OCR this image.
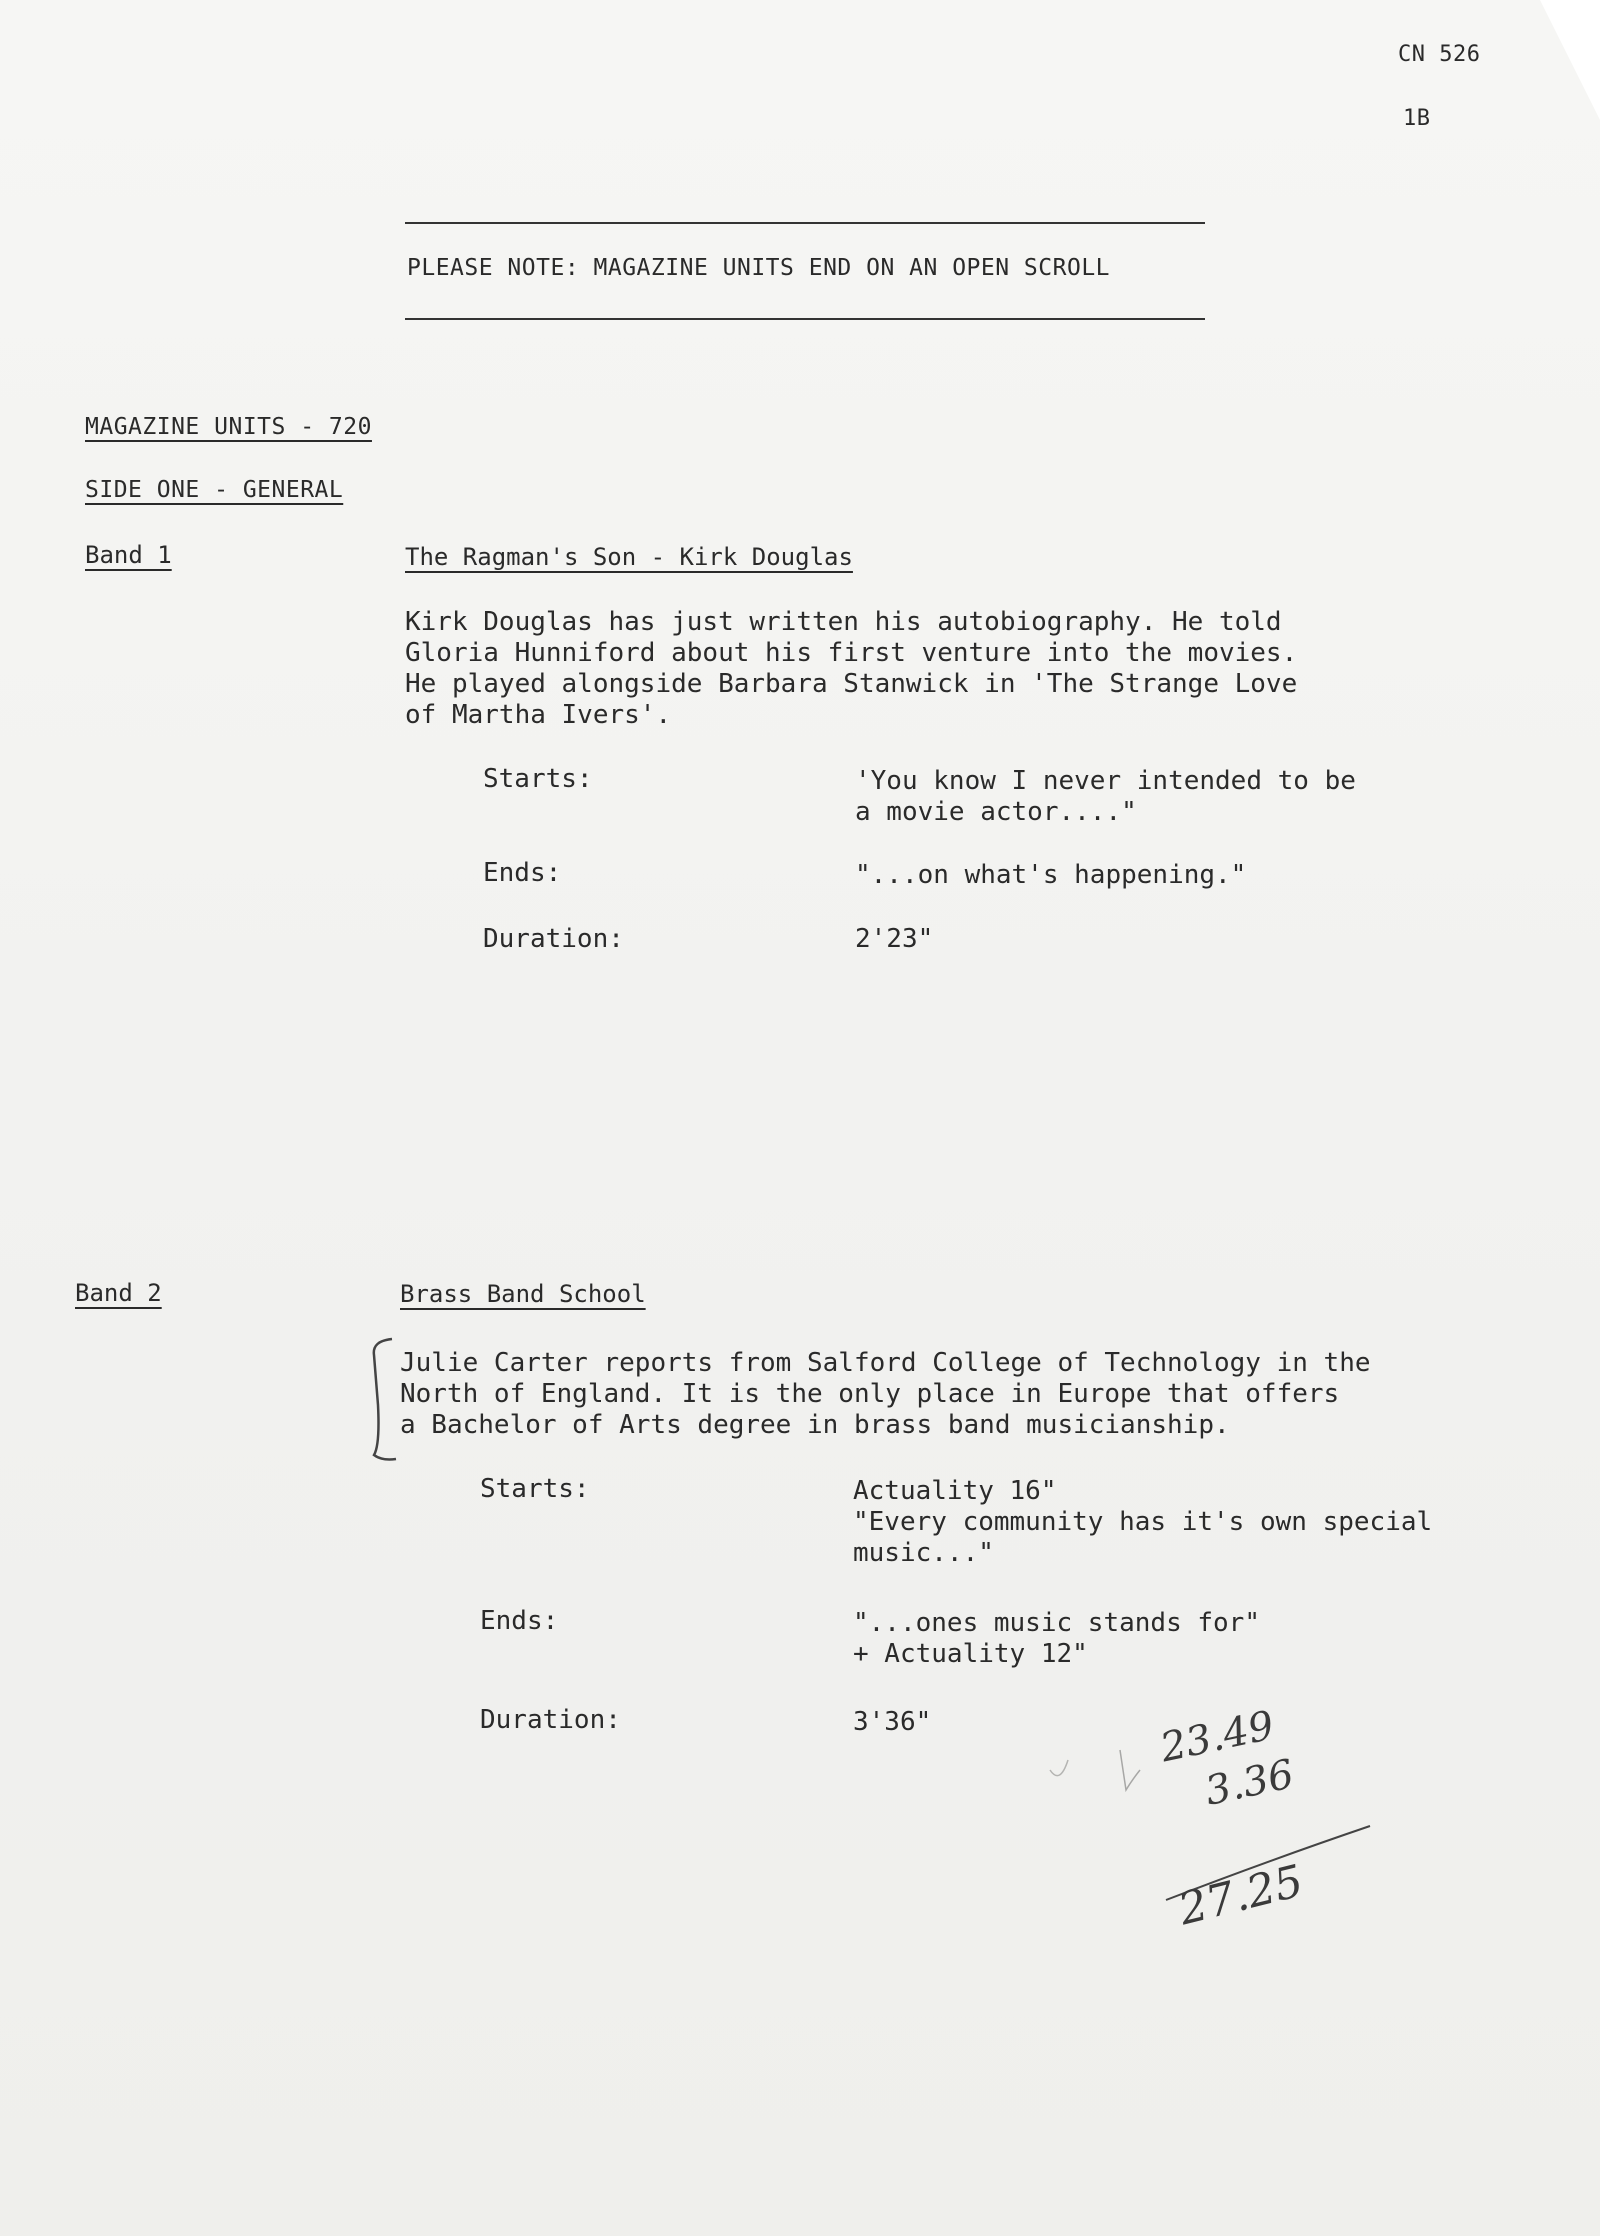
CN 526
1B
PLEASE NOTE: MAGAZINE UNITS END ON AN OPEN SCROLL
MAGAZINE UNITS - 720
SIDE ONE - GENERAL
Band 1	The Ragman's Son - Kirk Douglas
Kirk Douglas has just written his autobiography. He told
Gloria Hunniford about his first venture into the movies.
He played alongside Barbara Stanwick in 'The Strange Love
of Martha Ivers'.
Starts:	'You know I never intended to be
a movie actor...."
Ends:	"...on what's happening."
Duration:	2'23"
Band 2	Brass Band School
Julie Carter reports from Salford College of Technology in the
North of England. It is the only place in Europe that offers
a Bachelor of Arts degree in brass band musicianship.
Starts:	Actuality 16"
"Every community has it's own special
music..."
Ends:	"...ones music stands for"
+ Actuality 12"
Duration:	3'36"	23.49
3.36
27.25
